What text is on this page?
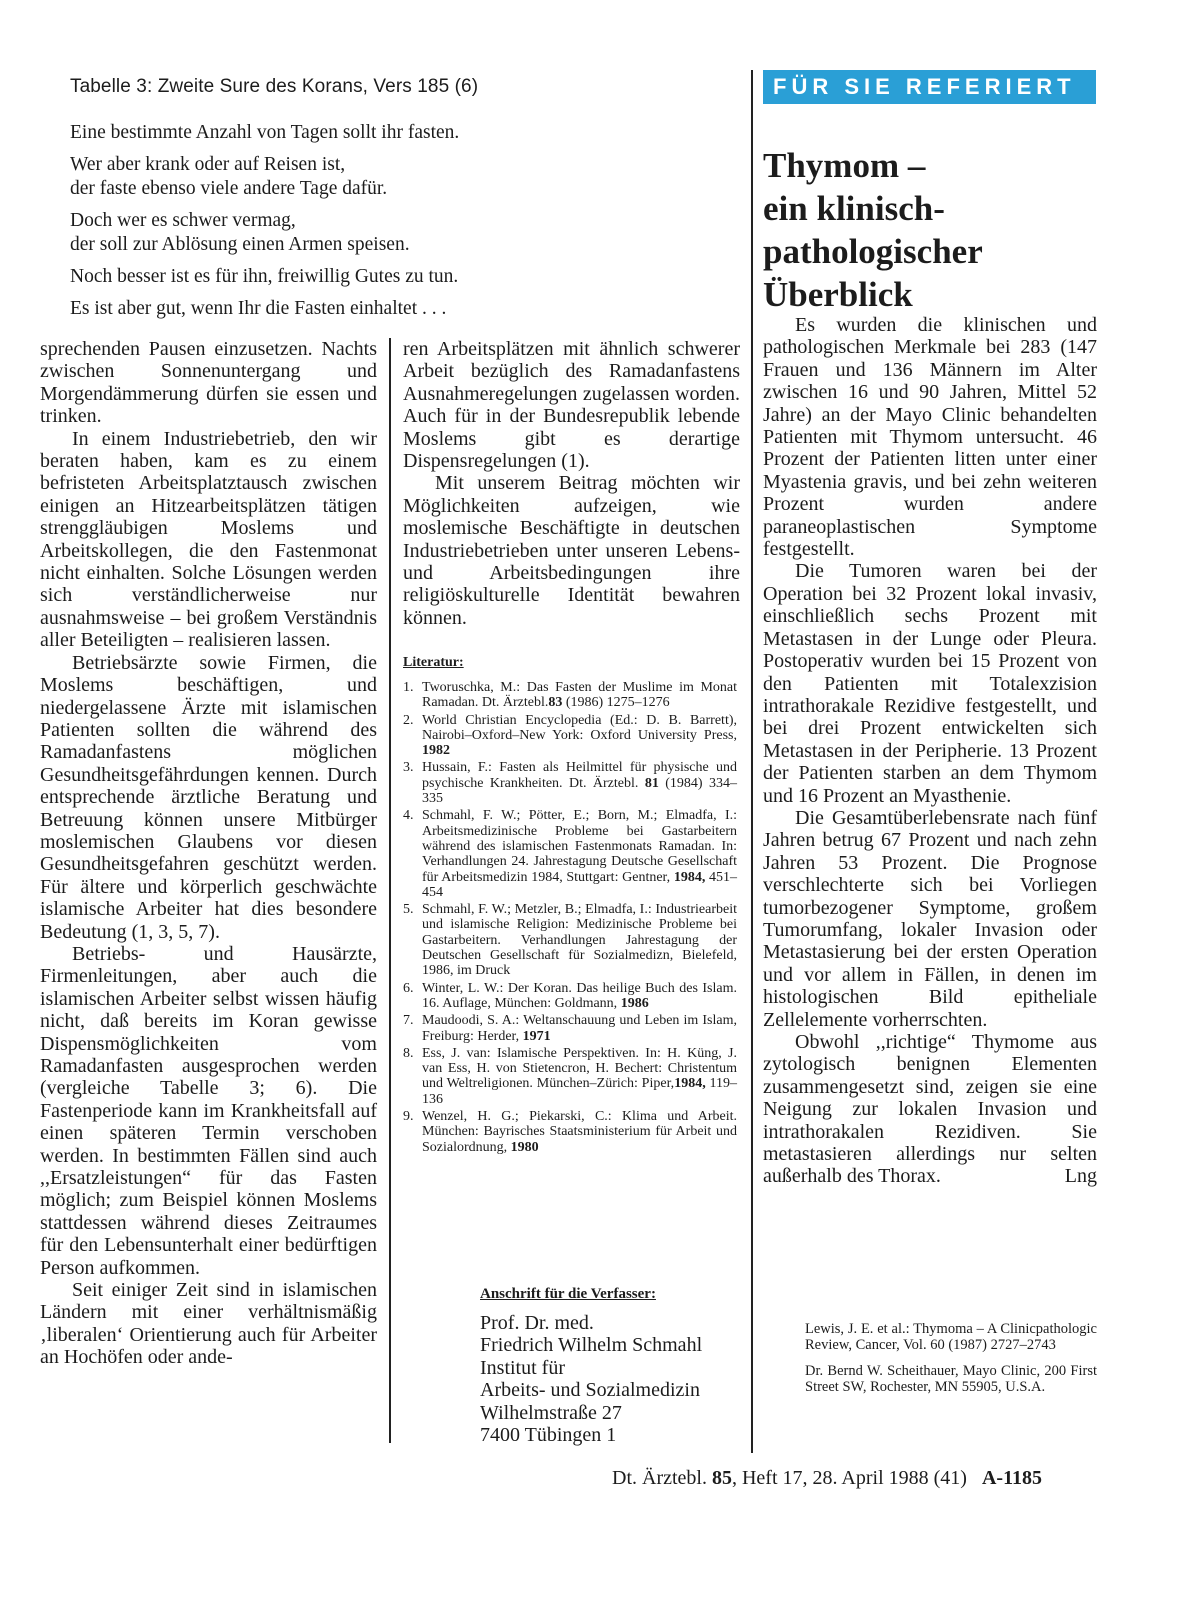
Tabelle 3: Zweite Sure des Korans, Vers 185 (6)

Eine bestimmte Anzahl von Tagen sollt ihr fasten.

Wer aber krank oder auf Reisen ist,
der faste ebenso viele andere Tage dafür.

Doch wer es schwer vermag,
der soll zur Ablösung einen Armen speisen.

Noch besser ist es für ihn, freiwillig Gutes zu tun.

Es ist aber gut, wenn Ihr die Fasten einhaltet . . .

sprechenden Pausen einzusetzen. Nachts zwischen Sonnenuntergang und Morgendämmerung dürfen sie essen und trinken.

In einem Industriebetrieb, den wir beraten haben, kam es zu einem befristeten Arbeitsplatztausch zwischen einigen an Hitzearbeitsplätzen tätigen strenggläubigen Moslems und Arbeitskollegen, die den Fastenmonat nicht einhalten. Solche Lösungen werden sich verständlicherweise nur ausnahmsweise – bei großem Verständnis aller Beteiligten – realisieren lassen.

Betriebsärzte sowie Firmen, die Moslems beschäftigen, und niedergelassene Ärzte mit islamischen Patienten sollten die während des Ramadanfastens möglichen Gesundheitsgefährdungen kennen. Durch entsprechende ärztliche Beratung und Betreuung können unsere Mitbürger moslemischen Glaubens vor diesen Gesundheitsgefahren geschützt werden. Für ältere und körperlich geschwächte islamische Arbeiter hat dies besondere Bedeutung (1, 3, 5, 7).

Betriebs- und Hausärzte, Firmenleitungen, aber auch die islamischen Arbeiter selbst wissen häufig nicht, daß bereits im Koran gewisse Dispensmöglichkeiten vom Ramadanfasten ausgesprochen werden (vergleiche Tabelle 3; 6). Die Fastenperiode kann im Krankheitsfall auf einen späteren Termin verschoben werden. In bestimmten Fällen sind auch ,,Ersatzleistungen“ für das Fasten möglich; zum Beispiel können Moslems stattdessen während dieses Zeitraumes für den Lebensunterhalt einer bedürftigen Person aufkommen.

Seit einiger Zeit sind in islamischen Ländern mit einer verhältnismäßig ‚liberalen‘ Orientierung auch für Arbeiter an Hochöfen oder ande-

ren Arbeitsplätzen mit ähnlich schwerer Arbeit bezüglich des Ramadanfastens Ausnahmeregelungen zugelassen worden. Auch für in der Bundesrepublik lebende Moslems gibt es derartige Dispensregelungen (1).

Mit unserem Beitrag möchten wir Möglichkeiten aufzeigen, wie moslemische Beschäftigte in deutschen Industriebetrieben unter unseren Lebens- und Arbeitsbedingungen ihre religiöskulturelle Identität bewahren können.

Literatur:
1. Tworuschka, M.: Das Fasten der Muslime im Monat Ramadan. Dt. Ärztebl.83 (1986) 1275–1276
2. World Christian Encyclopedia (Ed.: D. B. Barrett), Nairobi–Oxford–New York: Oxford University Press, 1982
3. Hussain, F.: Fasten als Heilmittel für physische und psychische Krankheiten. Dt. Ärztebl. 81 (1984) 334–335
4. Schmahl, F. W.; Pötter, E.; Born, M.; Elmadfa, I.: Arbeitsmedizinische Probleme bei Gastarbeitern während des islamischen Fastenmonats Ramadan. In: Verhandlungen 24. Jahrestagung Deutsche Gesellschaft für Arbeitsmedizin 1984, Stuttgart: Gentner, 1984, 451–454
5. Schmahl, F. W.; Metzler, B.; Elmadfa, I.: Industriearbeit und islamische Religion: Medizinische Probleme bei Gastarbeitern. Verhandlungen Jahrestagung der Deutschen Gesellschaft für Sozialmedizn, Bielefeld, 1986, im Druck
6. Winter, L. W.: Der Koran. Das heilige Buch des Islam. 16. Auflage, München: Goldmann, 1986
7. Maudoodi, S. A.: Weltanschauung und Leben im Islam, Freiburg: Herder, 1971
8. Ess, J. van: Islamische Perspektiven. In: H. Küng, J. van Ess, H. von Stietencron, H. Bechert: Christentum und Weltreligionen. München–Zürich: Piper,1984, 119–136
9. Wenzel, H. G.; Piekarski, C.: Klima und Arbeit. München: Bayrisches Staatsministerium für Arbeit und Sozialordnung, 1980
Anschrift für die Verfasser:
Prof. Dr. med.
Friedrich Wilhelm Schmahl
Institut für
Arbeits- und Sozialmedizin
Wilhelmstraße 27
7400 Tübingen 1
FÜR SIE REFERIERT
Thymom –
ein klinisch-
pathologischer
Überblick

Es wurden die klinischen und pathologischen Merkmale bei 283 (147 Frauen und 136 Männern im Alter zwischen 16 und 90 Jahren, Mittel 52 Jahre) an der Mayo Clinic behandelten Patienten mit Thymom untersucht. 46 Prozent der Patienten litten unter einer Myastenia gravis, und bei zehn weiteren Prozent wurden andere paraneoplastischen Symptome festgestellt.

Die Tumoren waren bei der Operation bei 32 Prozent lokal invasiv, einschließlich sechs Prozent mit Metastasen in der Lunge oder Pleura. Postoperativ wurden bei 15 Prozent von den Patienten mit Totalexzision intrathorakale Rezidive festgestellt, und bei drei Prozent entwickelten sich Metastasen in der Peripherie. 13 Prozent der Patienten starben an dem Thymom und 16 Prozent an Myasthenie.

Die Gesamtüberlebensrate nach fünf Jahren betrug 67 Prozent und nach zehn Jahren 53 Prozent. Die Prognose verschlechterte sich bei Vorliegen tumorbezogener Symptome, großem Tumorumfang, lokaler Invasion oder Metastasierung bei der ersten Operation und vor allem in Fällen, in denen im histologischen Bild epitheliale Zellelemente vorherrschten.

Obwohl ,,richtige“ Thymome aus zytologisch benignen Elementen zusammengesetzt sind, zeigen sie eine Neigung zur lokalen Invasion und intrathorakalen Rezidiven. Sie metastasieren allerdings nur selten außerhalb des Thorax.	Lng

Lewis, J. E. et al.: Thymoma – A Clinicpathologic Review, Cancer, Vol. 60 (1987) 2727–2743

Dr. Bernd W. Scheithauer, Mayo Clinic, 200 First Street SW, Rochester, MN 55905, U.S.A.

Dt. Ärztebl. 85, Heft 17, 28. April 1988 (41) A-1185
